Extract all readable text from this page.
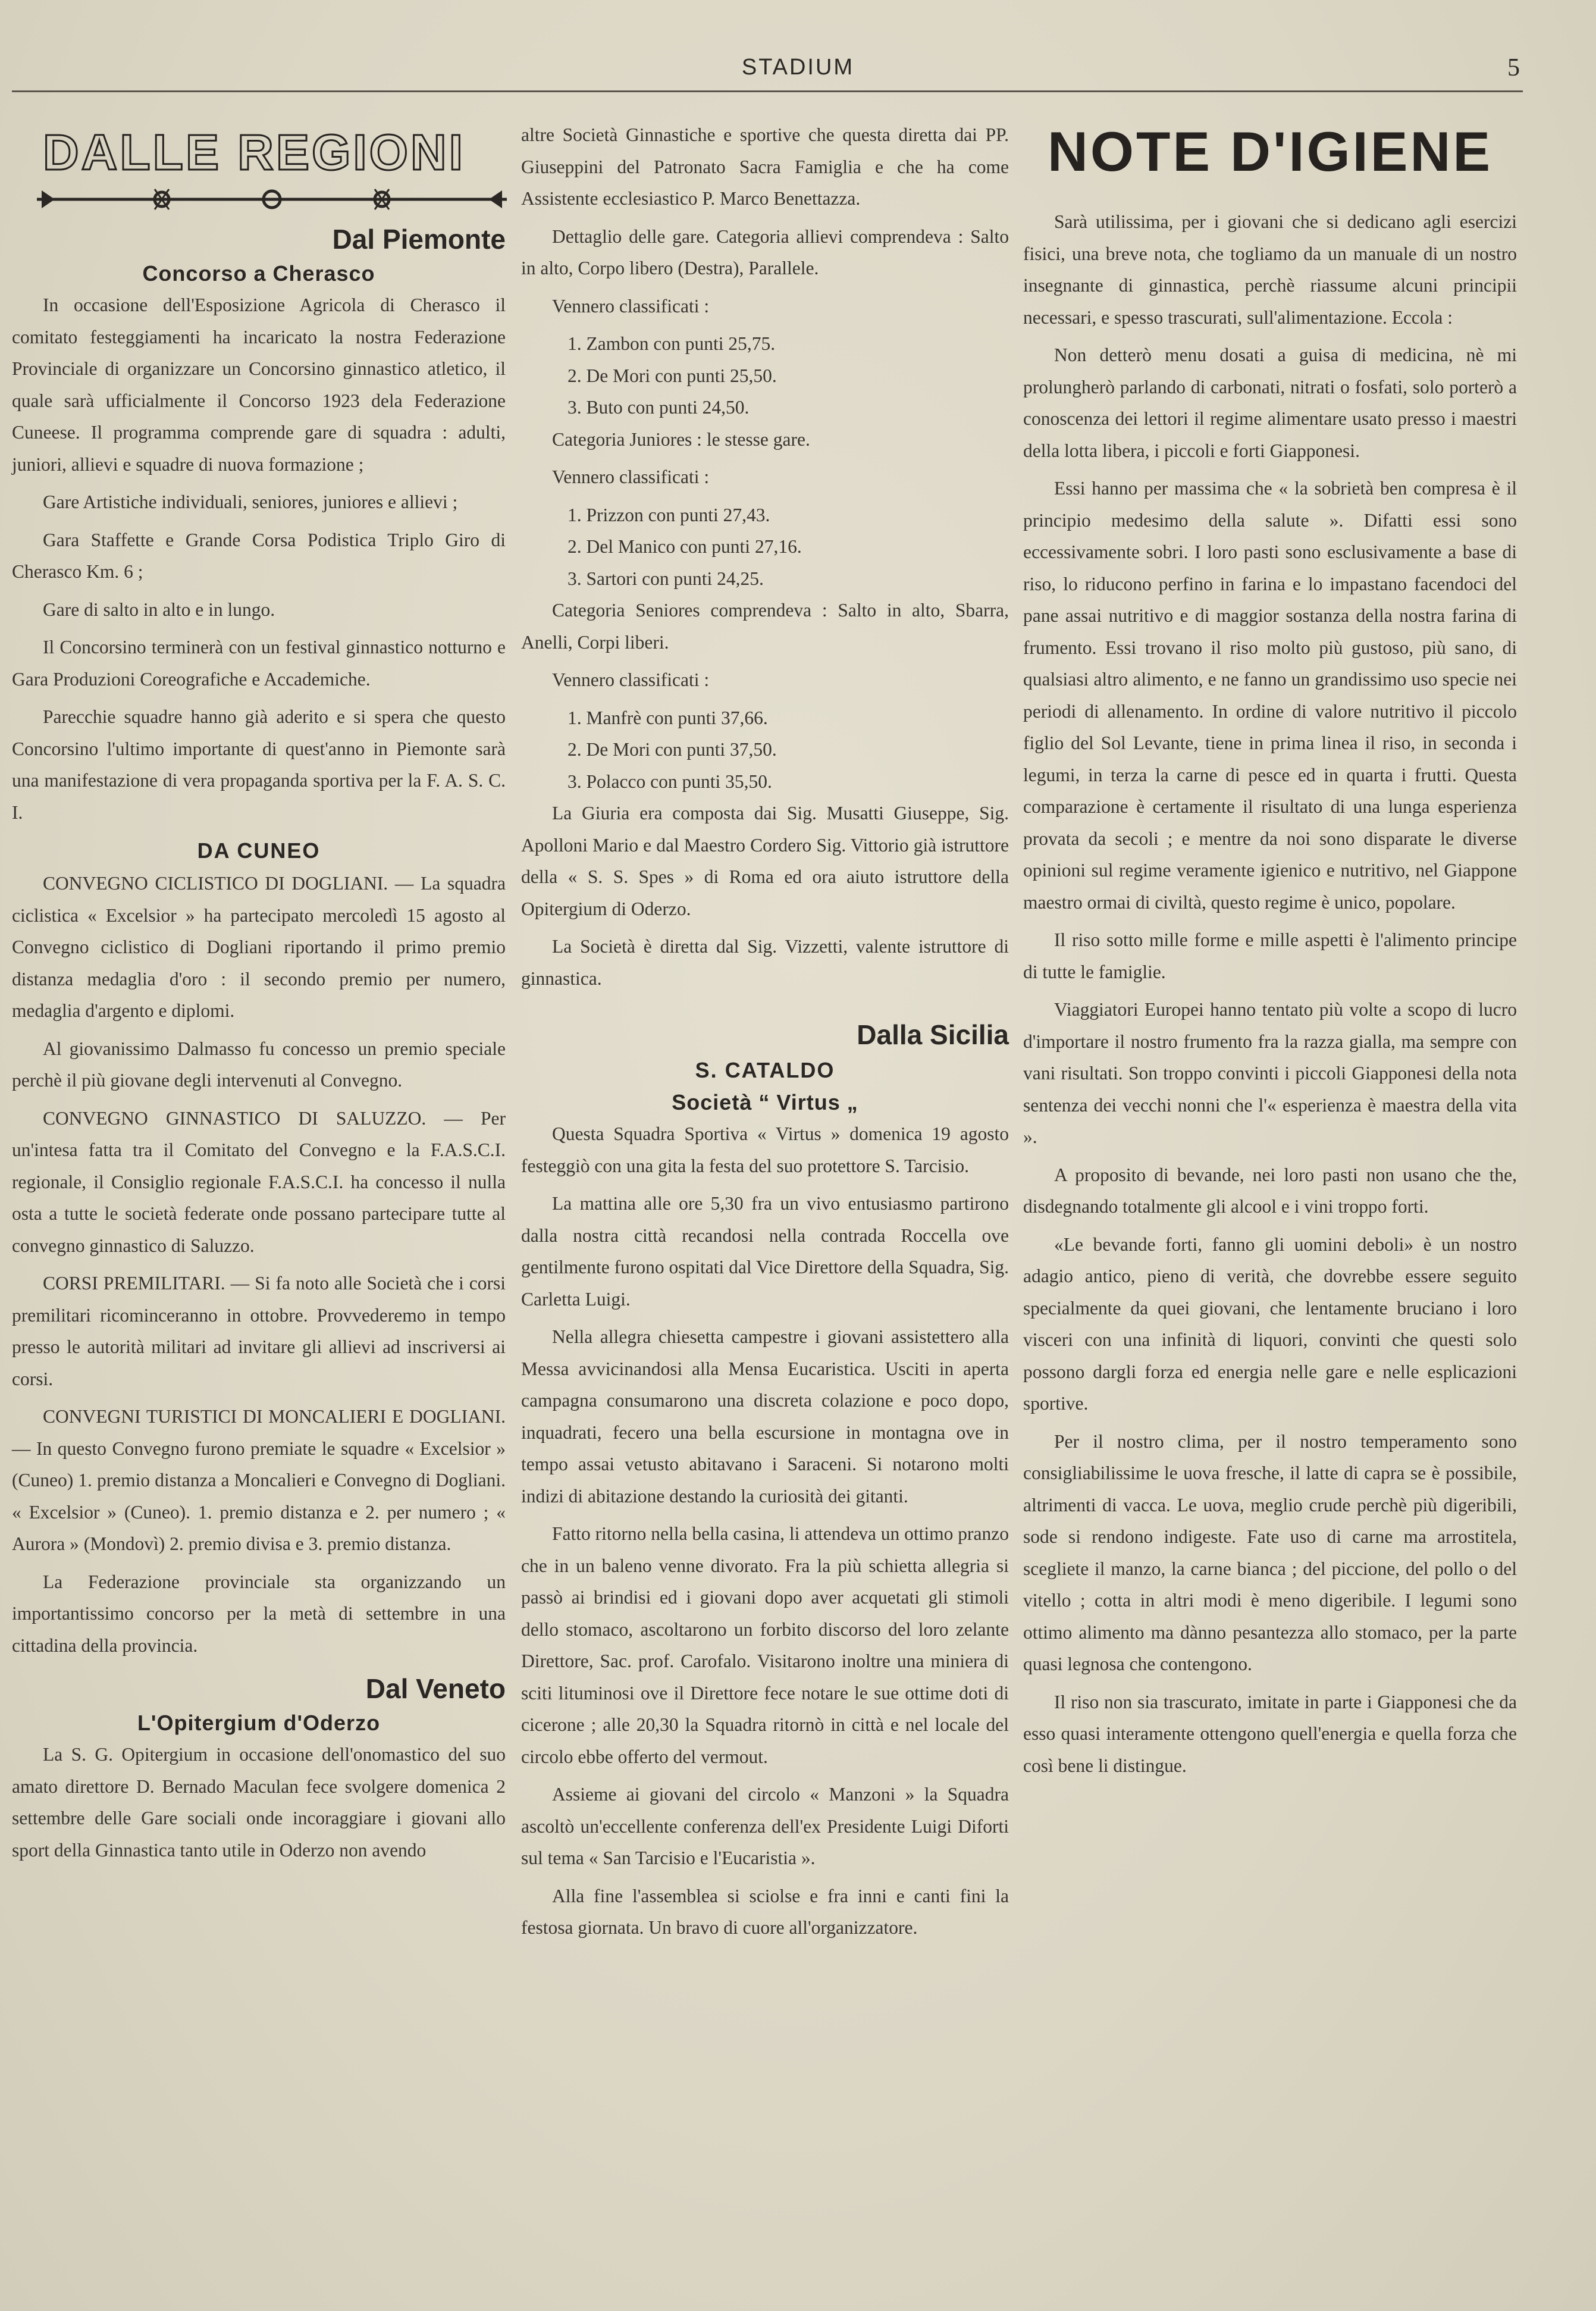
STADIUM	5
DALLE REGIONI
Dal Piemonte
Concorso a Cherasco

In occasione dell'Esposizione Agricola di Cherasco il comitato festeggiamenti ha incaricato la nostra Federazione Provinciale di organizzare un Concorsino ginnastico atletico, il quale sarà ufficialmente il Concorso 1923 dela Federazione Cuneese. Il programma comprende gare di squadra : adulti, juniori, allievi e squadre di nuova formazione ;

Gare Artistiche individuali, seniores, juniores e allievi ;

Gara Staffette e Grande Corsa Podistica Triplo Giro di Cherasco Km. 6 ;

Gare di salto in alto e in lungo.

Il Concorsino terminerà con un festival ginnastico notturno e Gara Produzioni Coreografiche e Accademiche.

Parecchie squadre hanno già aderito e si spera che questo Concorsino l'ultimo importante di quest'anno in Piemonte sarà una manifestazione di vera propaganda sportiva per la F. A. S. C. I.

DA CUNEO

CONVEGNO CICLISTICO DI DOGLIANI. — La squadra ciclistica « Excelsior » ha partecipato mercoledì 15 agosto al Convegno ciclistico di Dogliani riportando il primo premio distanza medaglia d'oro : il secondo premio per numero, medaglia d'argento e diplomi.

Al giovanissimo Dalmasso fu concesso un premio speciale perchè il più giovane degli intervenuti al Convegno.

CONVEGNO GINNASTICO DI SALUZZO. — Per un'intesa fatta tra il Comitato del Convegno e la F.A.S.C.I. regionale, il Consiglio regionale F.A.S.C.I. ha concesso il nulla osta a tutte le società federate onde possano partecipare tutte al convegno ginnastico di Saluzzo.

CORSI PREMILITARI. — Si fa noto alle Società che i corsi premilitari ricominceranno in ottobre. Provvederemo in tempo presso le autorità militari ad invitare gli allievi ad inscriversi ai corsi.

CONVEGNI TURISTICI DI MONCALIERI E DOGLIANI. — In questo Convegno furono premiate le squadre « Excelsior » (Cuneo) 1. premio distanza a Moncalieri e Convegno di Dogliani. « Excelsior » (Cuneo). 1. premio distanza e 2. per numero ; « Aurora » (Mondovì) 2. premio divisa e 3. premio distanza.

La Federazione provinciale sta organizzando un importantissimo concorso per la metà di settembre in una cittadina della provincia.

Dal Veneto
L'Opitergium d'Oderzo

La S. G. Opitergium in occasione dell'onomastico del suo amato direttore D. Bernado Maculan fece svolgere domenica 2 settembre delle Gare sociali onde incoraggiare i giovani allo sport della Ginnastica tanto utile in Oderzo non avendo

altre Società Ginnastiche e sportive che questa diretta dai PP. Giuseppini del Patronato Sacra Famiglia e che ha come Assistente ecclesiastico P. Marco Benettazza.

Dettaglio delle gare. Categoria allievi comprendeva : Salto in alto, Corpo libero (Destra), Parallele.

Vennero classificati :

1. Zambon con punti 25,75.
2. De Mori con punti 25,50.
3. Buto con punti 24,50.

Categoria Juniores : le stesse gare.

Vennero classificati :

1. Prizzon con punti 27,43.
2. Del Manico con punti 27,16.
3. Sartori con punti 24,25.

Categoria Seniores comprendeva : Salto in alto, Sbarra, Anelli, Corpi liberi.

Vennero classificati :

1. Manfrè con punti 37,66.
2. De Mori con punti 37,50.
3. Polacco con punti 35,50.

La Giuria era composta dai Sig. Musatti Giuseppe, Sig. Apolloni Mario e dal Maestro Cordero Sig. Vittorio già istruttore della « S. S. Spes » di Roma ed ora aiuto istruttore della Opitergium di Oderzo.

La Società è diretta dal Sig. Vizzetti, valente istruttore di ginnastica.

Dalla Sicilia
S. CATALDO
Società “ Virtus „

Questa Squadra Sportiva « Virtus » domenica 19 agosto festeggiò con una gita la festa del suo protettore S. Tarcisio.

La mattina alle ore 5,30 fra un vivo entusiasmo partirono dalla nostra città recandosi nella contrada Roccella ove gentilmente furono ospitati dal Vice Direttore della Squadra, Sig. Carletta Luigi.

Nella allegra chiesetta campestre i giovani assistettero alla Messa avvicinandosi alla Mensa Eucaristica. Usciti in aperta campagna consumarono una discreta colazione e poco dopo, inquadrati, fecero una bella escursione in montagna ove in tempo assai vetusto abitavano i Saraceni. Si notarono molti indizi di abitazione destando la curiosità dei gitanti.

Fatto ritorno nella bella casina, li attendeva un ottimo pranzo che in un baleno venne divorato. Fra la più schietta allegria si passò ai brindisi ed i giovani dopo aver acquetati gli stimoli dello stomaco, ascoltarono un forbito discorso del loro zelante Direttore, Sac. prof. Carofalo. Visitarono inoltre una miniera di sciti lituminosi ove il Direttore fece notare le sue ottime doti di cicerone ; alle 20,30 la Squadra ritornò in città e nel locale del circolo ebbe offerto del vermout.

Assieme ai giovani del circolo « Manzoni » la Squadra ascoltò un'eccellente conferenza dell'ex Presidente Luigi Diforti sul tema « San Tarcisio e l'Eucaristia ».

Alla fine l'assemblea si sciolse e fra inni e canti fini la festosa giornata. Un bravo di cuore all'organizzatore.

NOTE D'IGIENE

Sarà utilissima, per i giovani che si dedicano agli esercizi fisici, una breve nota, che togliamo da un manuale di un nostro insegnante di ginnastica, perchè riassume alcuni principii necessari, e spesso trascurati, sull'alimentazione. Eccola :

Non detterò menu dosati a guisa di medicina, nè mi prolungherò parlando di carbonati, nitrati o fosfati, solo porterò a conoscenza dei lettori il regime alimentare usato presso i maestri della lotta libera, i piccoli e forti Giapponesi.

Essi hanno per massima che « la sobrietà ben compresa è il principio medesimo della salute ». Difatti essi sono eccessivamente sobri. I loro pasti sono esclusivamente a base di riso, lo riducono perfino in farina e lo impastano facendoci del pane assai nutritivo e di maggior sostanza della nostra farina di frumento. Essi trovano il riso molto più gustoso, più sano, di qualsiasi altro alimento, e ne fanno un grandissimo uso specie nei periodi di allenamento. In ordine di valore nutritivo il piccolo figlio del Sol Levante, tiene in prima linea il riso, in seconda i legumi, in terza la carne di pesce ed in quarta i frutti. Questa comparazione è certamente il risultato di una lunga esperienza provata da secoli ; e mentre da noi sono disparate le diverse opinioni sul regime veramente igienico e nutritivo, nel Giappone maestro ormai di civiltà, questo regime è unico, popolare.

Il riso sotto mille forme e mille aspetti è l'alimento principe di tutte le famiglie.

Viaggiatori Europei hanno tentato più volte a scopo di lucro d'importare il nostro frumento fra la razza gialla, ma sempre con vani risultati. Son troppo convinti i piccoli Giapponesi della nota sentenza dei vecchi nonni che l'« esperienza è maestra della vita ».

A proposito di bevande, nei loro pasti non usano che the, disdegnando totalmente gli alcool e i vini troppo forti.

«Le bevande forti, fanno gli uomini deboli» è un nostro adagio antico, pieno di verità, che dovrebbe essere seguito specialmente da quei giovani, che lentamente bruciano i loro visceri con una infinità di liquori, convinti che questi solo possono dargli forza ed energia nelle gare e nelle esplicazioni sportive.

Per il nostro clima, per il nostro temperamento sono consigliabilissime le uova fresche, il latte di capra se è possibile, altrimenti di vacca. Le uova, meglio crude perchè più digeribili, sode si rendono indigeste. Fate uso di carne ma arrostitela, scegliete il manzo, la carne bianca ; del piccione, del pollo o del vitello ; cotta in altri modi è meno digeribile. I legumi sono ottimo alimento ma dànno pesantezza allo stomaco, per la parte quasi legnosa che contengono.

Il riso non sia trascurato, imitate in parte i Giapponesi che da esso quasi interamente ottengono quell'energia e quella forza che così bene li distingue.
